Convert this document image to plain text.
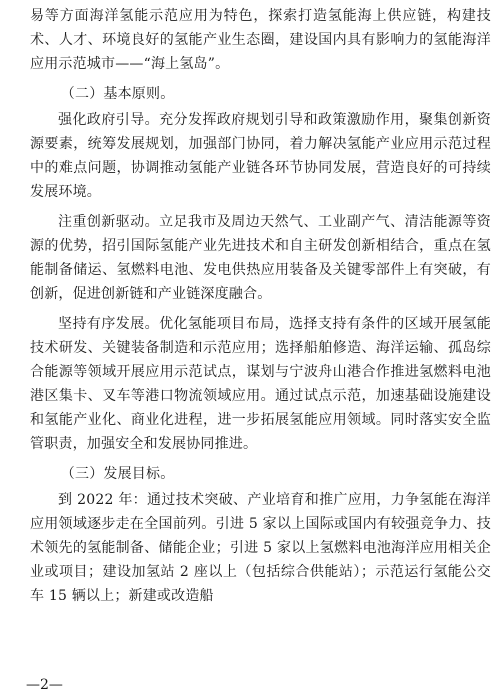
易等方面海洋氢能示范应用为特色，探索打造氢能海上供应链，构建技术、人才、环境良好的氢能产业生态圈，建设国内具有影响力的氢能海洋应用示范城市——“海上氢岛”。

（二）基本原则。

强化政府引导。充分发挥政府规划引导和政策激励作用，聚集创新资源要素，统筹发展规划，加强部门协同，着力解决氢能产业应用示范过程中的难点问题，协调推动氢能产业链各环节协同发展，营造良好的可持续发展环境。

注重创新驱动。立足我市及周边天然气、工业副产气、清洁能源等资源的优势，招引国际氢能产业先进技术和自主研发创新相结合，重点在氢能制备储运、氢燃料电池、发电供热应用装备及关键零部件上有突破，有创新，促进创新链和产业链深度融合。

坚持有序发展。优化氢能项目布局，选择支持有条件的区域开展氢能技术研发、关键装备制造和示范应用；选择船舶修造、海洋运输、孤岛综合能源等领域开展应用示范试点，谋划与宁波舟山港合作推进氢燃料电池港区集卡、叉车等港口物流领域应用。通过试点示范，加速基础设施建设和氢能产业化、商业化进程，进一步拓展氢能应用领域。同时落实安全监管职责，加强安全和发展协同推进。

（三）发展目标。

到 2022 年：通过技术突破、产业培育和推广应用，力争氢能在海洋应用领域逐步走在全国前列。引进 5 家以上国际或国内有较强竞争力、技术领先的氢能制备、储能企业；引进 5 家以上氢燃料电池海洋应用相关企业或项目；建设加氢站 2 座以上（包括综合供能站）；示范运行氢能公交车 15 辆以上；新建或改造船

—2—
